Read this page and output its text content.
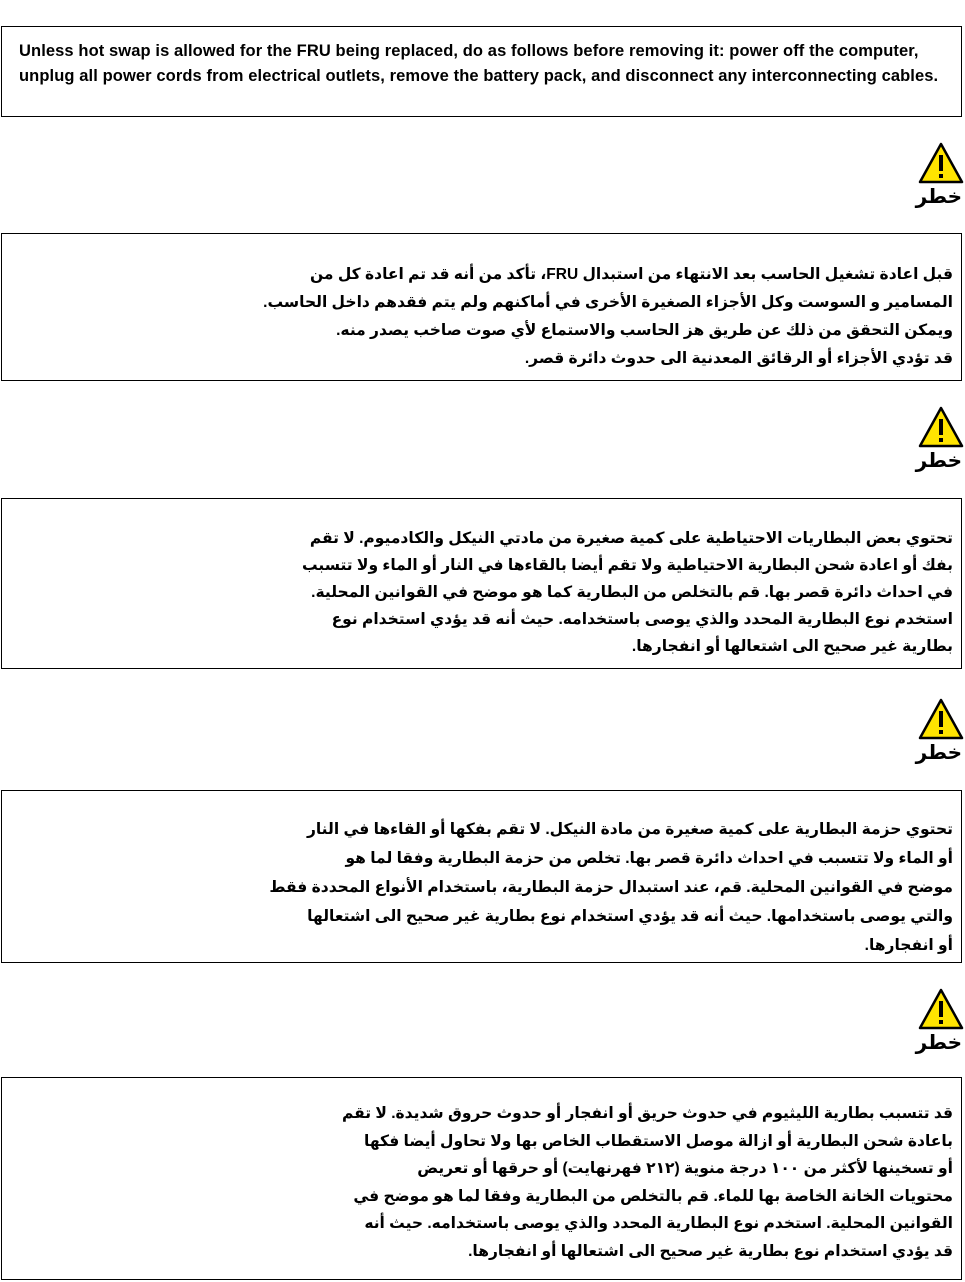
Unless hot swap is allowed for the FRU being replaced, do as follows before removing it: power off the computer, unplug all power cords from electrical outlets, remove the battery pack, and disconnect any interconnecting cables.

خطر
قبل اعادة تشغيل الحاسب بعد الانتهاء من استبدال FRU، تأكد من أنه قد تم اعادة كل من
المسامير و السوست وكل الأجزاء الصغيرة الأخرى في أماكنهم ولم يتم فقدهم داخل الحاسب.
ويمكن التحقق من ذلك عن طريق هز الحاسب والاستماع لأي صوت صاخب يصدر منه.
قد تؤدي الأجزاء أو الرقائق المعدنية الى حدوث دائرة قصر.
خطر
تحتوي بعض البطاريات الاحتياطية على كمية صغيرة من مادتي النيكل والكادميوم. لا تقم
بفك أو اعادة شحن البطارية الاحتياطية ولا تقم أيضا بالقاءها في النار أو الماء ولا تتسبب
في احداث دائرة قصر بها. قم بالتخلص من البطارية كما هو موضح في القوانين المحلية.
استخدم نوع البطارية المحدد والذي يوصى باستخدامه. حيث أنه قد يؤدي استخدام نوع
بطارية غير صحيح الى اشتعالها أو انفجارها.
خطر
تحتوي حزمة البطارية على كمية صغيرة من مادة النيكل. لا تقم بفكها أو القاءها في النار
أو الماء ولا تتسبب في احداث دائرة قصر بها. تخلص من حزمة البطارية وفقا لما هو
موضح في القوانين المحلية. قم، عند استبدال حزمة البطارية، باستخدام الأنواع المحددة فقط
والتي يوصى باستخدامها. حيث أنه قد يؤدي استخدام نوع بطارية غير صحيح الى اشتعالها
أو انفجارها.
خطر
قد تتسبب بطارية الليثيوم في حدوث حريق أو انفجار أو حدوث حروق شديدة. لا تقم
باعادة شحن البطارية أو ازالة موصل الاستقطاب الخاص بها ولا تحاول أيضا فكها
أو تسخينها لأكثر من ١٠٠ درجة منوية (٢١٢ فهرنهايت) أو حرقها أو تعريض
محتويات الخانة الخاصة بها للماء. قم بالتخلص من البطارية وفقا لما هو موضح في
القوانين المحلية. استخدم نوع البطارية المحدد والذي يوصى باستخدامه. حيث أنه
قد يؤدي استخدام نوع بطارية غير صحيح الى اشتعالها أو انفجارها.
